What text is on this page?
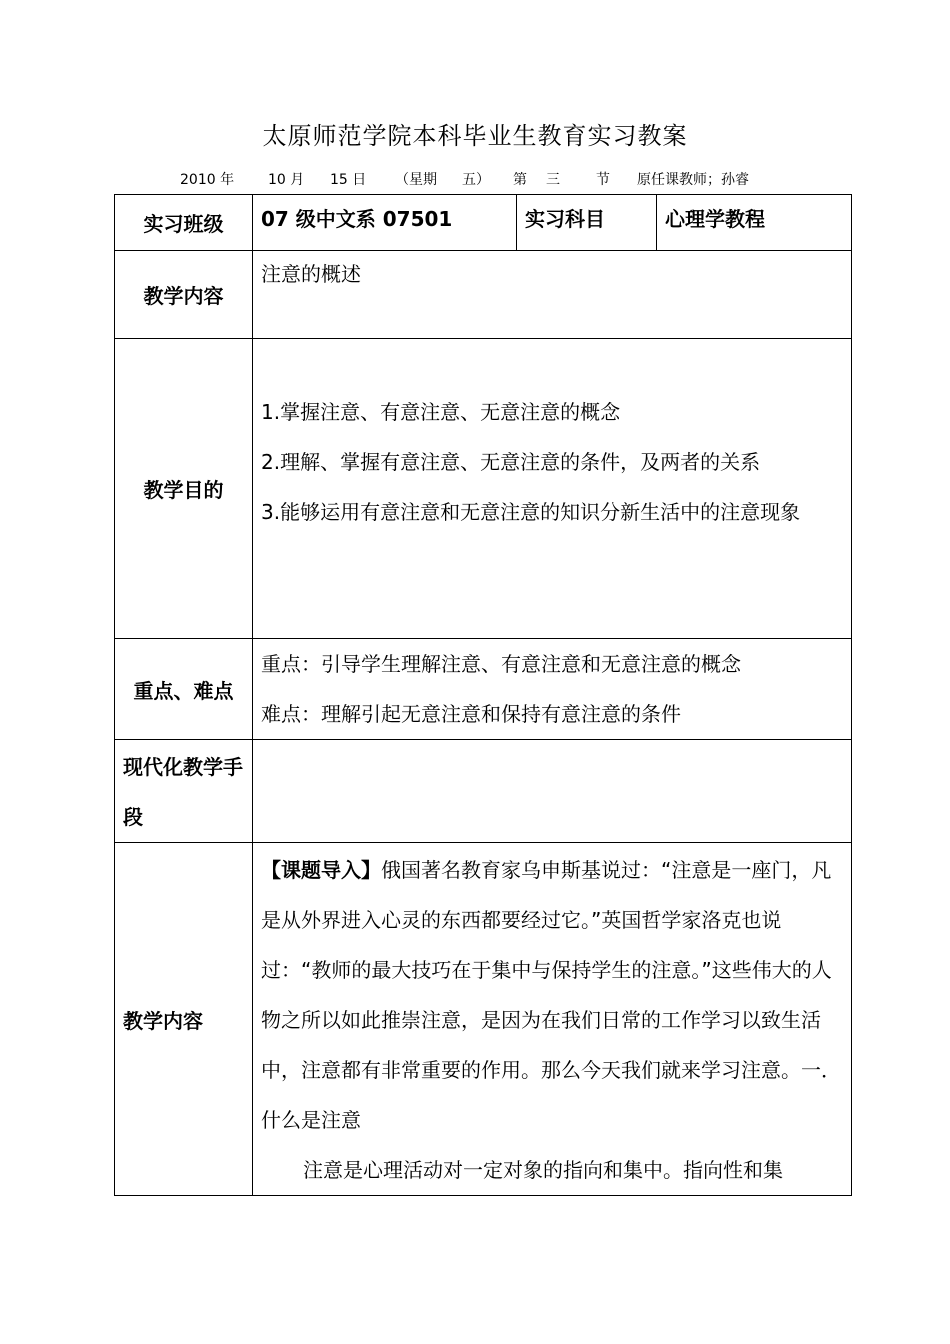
太原师范学院本科毕业生教育实习教案
2010 年 10 月 15 日 （星期 五） 第 三	节 原任课教师；孙睿
实习班级	07 级中文系 07501	实习科目	心理学教程
教学内容	注意的概述		
教学目的	1.掌握注意、有意注意、无意注意的概念
2.理解、掌握有意注意、无意注意的条件，及两者的关系
3.能够运用有意注意和无意注意的知识分新生活中的注意现象		

重点、难点	重点：引导学生理解注意、有意注意和无意注意的概念
难点：理解引起无意注意和保持有意注意的条件		

现代化教学手段			
教学内容	【课题导入】俄国著名教育家乌申斯基说过：“注意是一座门，凡是从外界进入心灵的东西都要经过它。”英国哲学家洛克也说过：“教师的最大技巧在于集中与保持学生的注意。”这些伟大的人物之所以如此推崇注意，是因为在我们日常的工作学习以致生活中，注意都有非常重要的作用。那么今天我们就来学习注意。一．什么是注意
注意是心理活动对一定对象的指向和集中。指向性和集		
